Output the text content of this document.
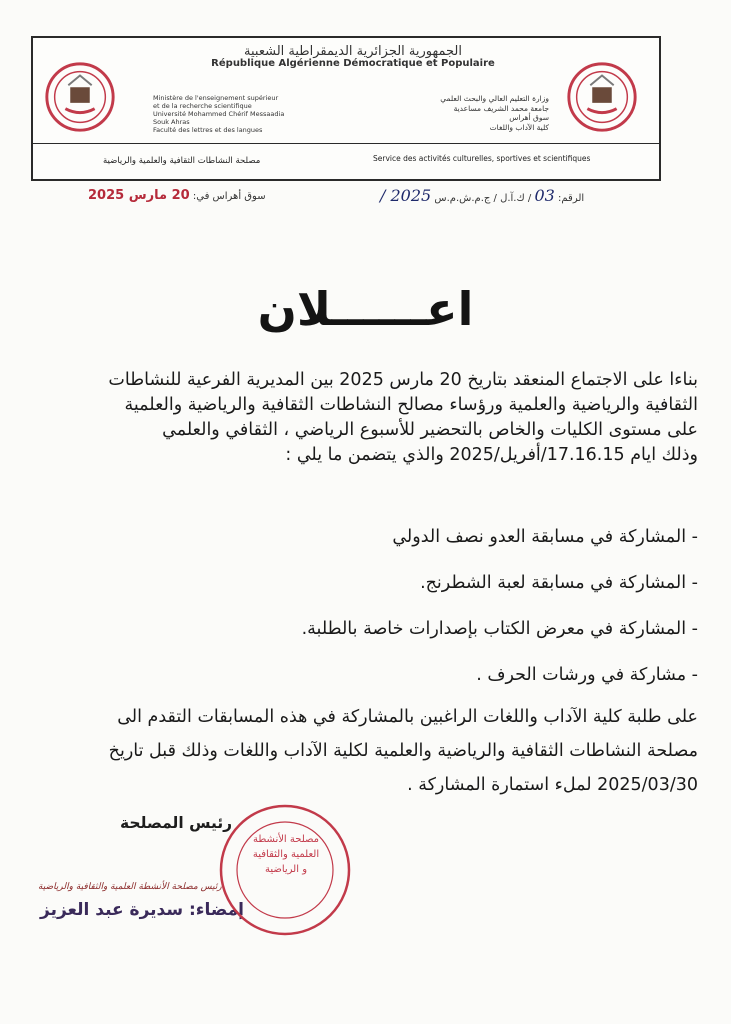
الجمهورية الجزائرية الديمقراطية الشعبية
République Algérienne Démocratique et Populaire
Ministère de l'enseignement supérieur
et de la recherche scientifique
Université Mohammed Chérif Messaadia
Souk Ahras
Faculté des lettres et des langues
وزارة التعليم العالي والبحث العلمي
جامعة محمد الشريف مساعدية
سوق أهراس
كلية الآداب واللغات
مصلحة النشاطات الثقافية والعلمية والرياضية	Service des activités culturelles, sportives et scientifiques
سوق أهراس في: 20 مارس 2025	الرقم: 03 / ك.آ.ل / ج.م.ش.م.س 2025 /
اعــــــلان

بناءا على الاجتماع المنعقد بتاريخ 20 مارس 2025 بين المديرية الفرعية للنشاطات

الثقافية والرياضية والعلمية ورؤساء مصالح النشاطات الثقافية والرياضية والعلمية

على مستوى الكليات والخاص بالتحضير للأسبوع الرياضي ، الثقافي والعلمي

وذلك ايام 17.16.15/أفريل/2025 والذي يتضمن ما يلي :

- المشاركة في مسابقة العدو نصف الدولي
- المشاركة في مسابقة لعبة الشطرنج.
- المشاركة في معرض الكتاب بإصدارات خاصة بالطلبة.
- مشاركة في ورشات الحرف .

على طلبة كلية الآداب واللغات الراغبين بالمشاركة في هذه المسابقات التقدم الى

مصلحة النشاطات الثقافية والرياضية والعلمية لكلية الآداب واللغات وذلك قبل تاريخ

2025/03/30 لملء استمارة المشاركة .

رئيس المصلحة
رئيس مصلحة الأنشطة العلمية والثقافية والرياضية
إمضاء: سديرة عبد العزيز
مصلحة الأنشطة
العلمية والثقافية
و الرياضية
